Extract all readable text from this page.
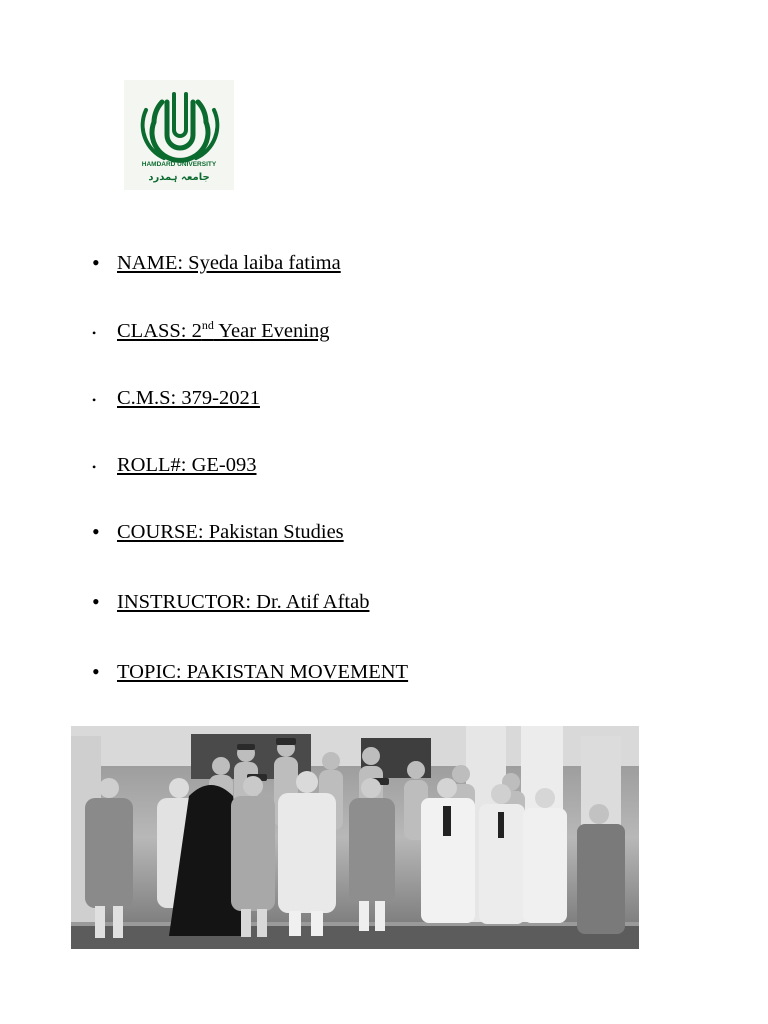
HAMDARD UNIVERSITY
جامعہ ہمدرد
• NAME: Syeda laiba fatima
•	CLASS: 2nd Year Evening
•	C.M.S: 379-2021
•	ROLL#: GE-093
• COURSE: Pakistan Studies
• INSTRUCTOR: Dr. Atif Aftab
• TOPIC: PAKISTAN MOVEMENT
